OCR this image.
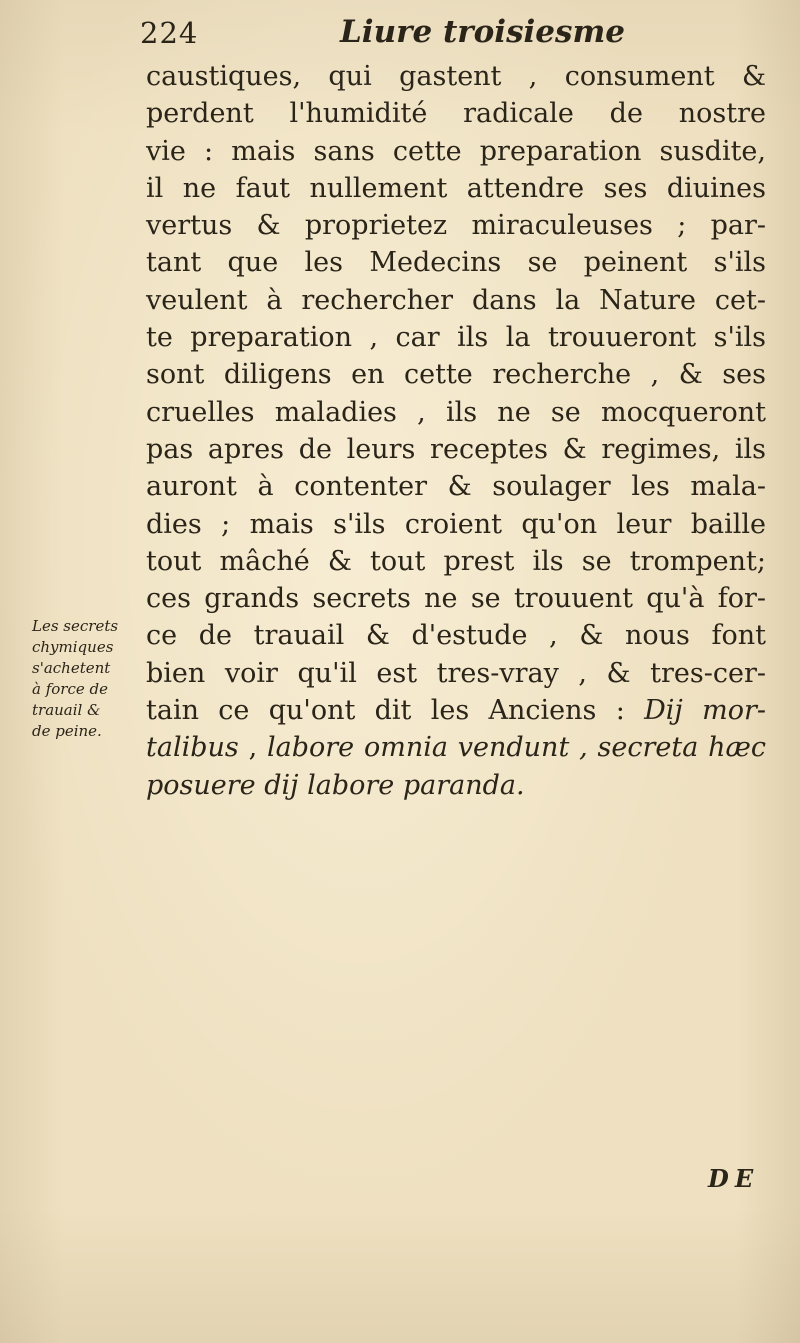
224	Liure troisiesme
caustiques, qui gastent , consument &
perdent l'humidité radicale de nostre
vie : mais sans cette preparation susdite,
il ne faut nullement attendre ses diuines
vertus & proprietez miraculeuses ; par-
tant que les Medecins se peinent s'ils
veulent à rechercher dans la Nature cet-
te preparation , car ils la trouueront s'ils
sont diligens en cette recherche , & ses
cruelles maladies , ils ne se mocqueront
pas apres de leurs receptes & regimes, ils
auront à contenter & soulager les mala-
dies ; mais s'ils croient qu'on leur baille
tout mâché & tout prest ils se trompent;
ces grands secrets ne se trouuent qu'à for-
ce de trauail & d'estude , & nous font
bien voir qu'il est tres-vray , & tres-cer-
tain ce qu'ont dit les Anciens : Dij mor-
talibus , labore omnia vendunt , secreta hæc
posuere dij labore paranda.
Les secrets
chymiques
s'achetent
à force de
trauail &
de peine.
DE
